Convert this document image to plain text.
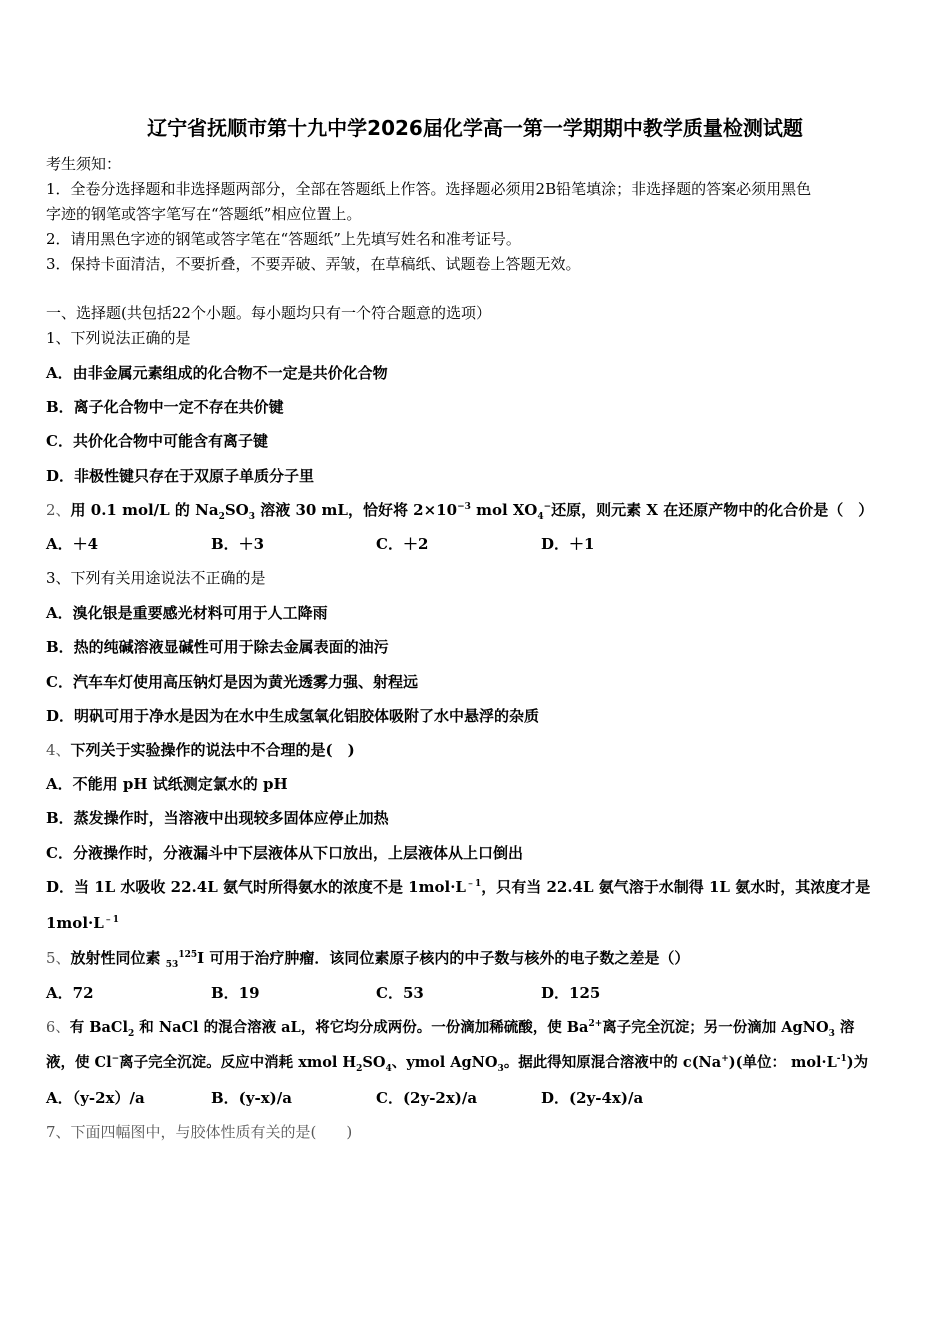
辽宁省抚顺市第十九中学2026届化学高一第一学期期中教学质量检测试题
考生须知：
1．全卷分选择题和非选择题两部分，全部在答题纸上作答。选择题必须用2B铅笔填涂；非选择题的答案必须用黑色
字迹的钢笔或答字笔写在“答题纸”相应位置上。
2．请用黑色字迹的钢笔或答字笔在“答题纸”上先填写姓名和准考证号。
3．保持卡面清洁，不要折叠，不要弄破、弄皱，在草稿纸、试题卷上答题无效。
一、选择题(共包括22个小题。每小题均只有一个符合题意的选项）
1、下列说法正确的是
A．由非金属元素组成的化合物不一定是共价化合物
B．离子化合物中一定不存在共价键
C．共价化合物中可能含有离子键
D．非极性键只存在于双原子单质分子里
2、用 0.1 mol/L 的 $Na_2SO_3$ 溶液 30 mL，恰好将 $2\times 10^{-3}$ mol $XO_4^-$还原，则元素 X 在还原产物中的化合价是（　）
A．＋4	B．＋3	C．＋2	D．＋1
3、下列有关用途说法不正确的是
A．溴化银是重要感光材料可用于人工降雨
B．热的纯碱溶液显碱性可用于除去金属表面的油污
C．汽车车灯使用高压钠灯是因为黄光透雾力强、射程远
D．明矾可用于净水是因为在水中生成氢氧化铝胶体吸附了水中悬浮的杂质
4、下列关于实验操作的说法中不合理的是(　)
A．不能用 pH 试纸测定氯水的 pH
B．蒸发操作时，当溶液中出现较多固体应停止加热
C．分液操作时，分液漏斗中下层液体从下口放出，上层液体从上口倒出
D．当 1L 水吸收 22.4L 氨气时所得氨水的浓度不是 $1mol\cdot L^{﹣1}$，只有当 22.4L 氨气溶于水制得 1L 氨水时，其浓度才是
$1mol\cdot L^{﹣1}$
5、放射性同位素 $_{53}^{125}$I 可用于治疗肿瘤．该同位素原子核内的中子数与核外的电子数之差是（）
A．72	B．19	C．53	D．125
6、有 BaCl$_2$ 和 NaCl 的混合溶液 aL，将它均分成两份。一份滴加稀硫酸，使 $Ba^{2+}$离子完全沉淀；另一份滴加 AgNO$_3$ 溶
液，使 Cl−离子完全沉淀。反应中消耗 xmol $H_2SO_4$、ymol AgNO$_3$。据此得知原混合溶液中的 c(Na+)(单位： $mol\cdot L^{-1}$)为
A．（y-2x）/a	B．(y-x)/a	C．(2y-2x)/a	D．(2y-4x)/a
7、下面四幅图中，与胶体性质有关的是(　　)
